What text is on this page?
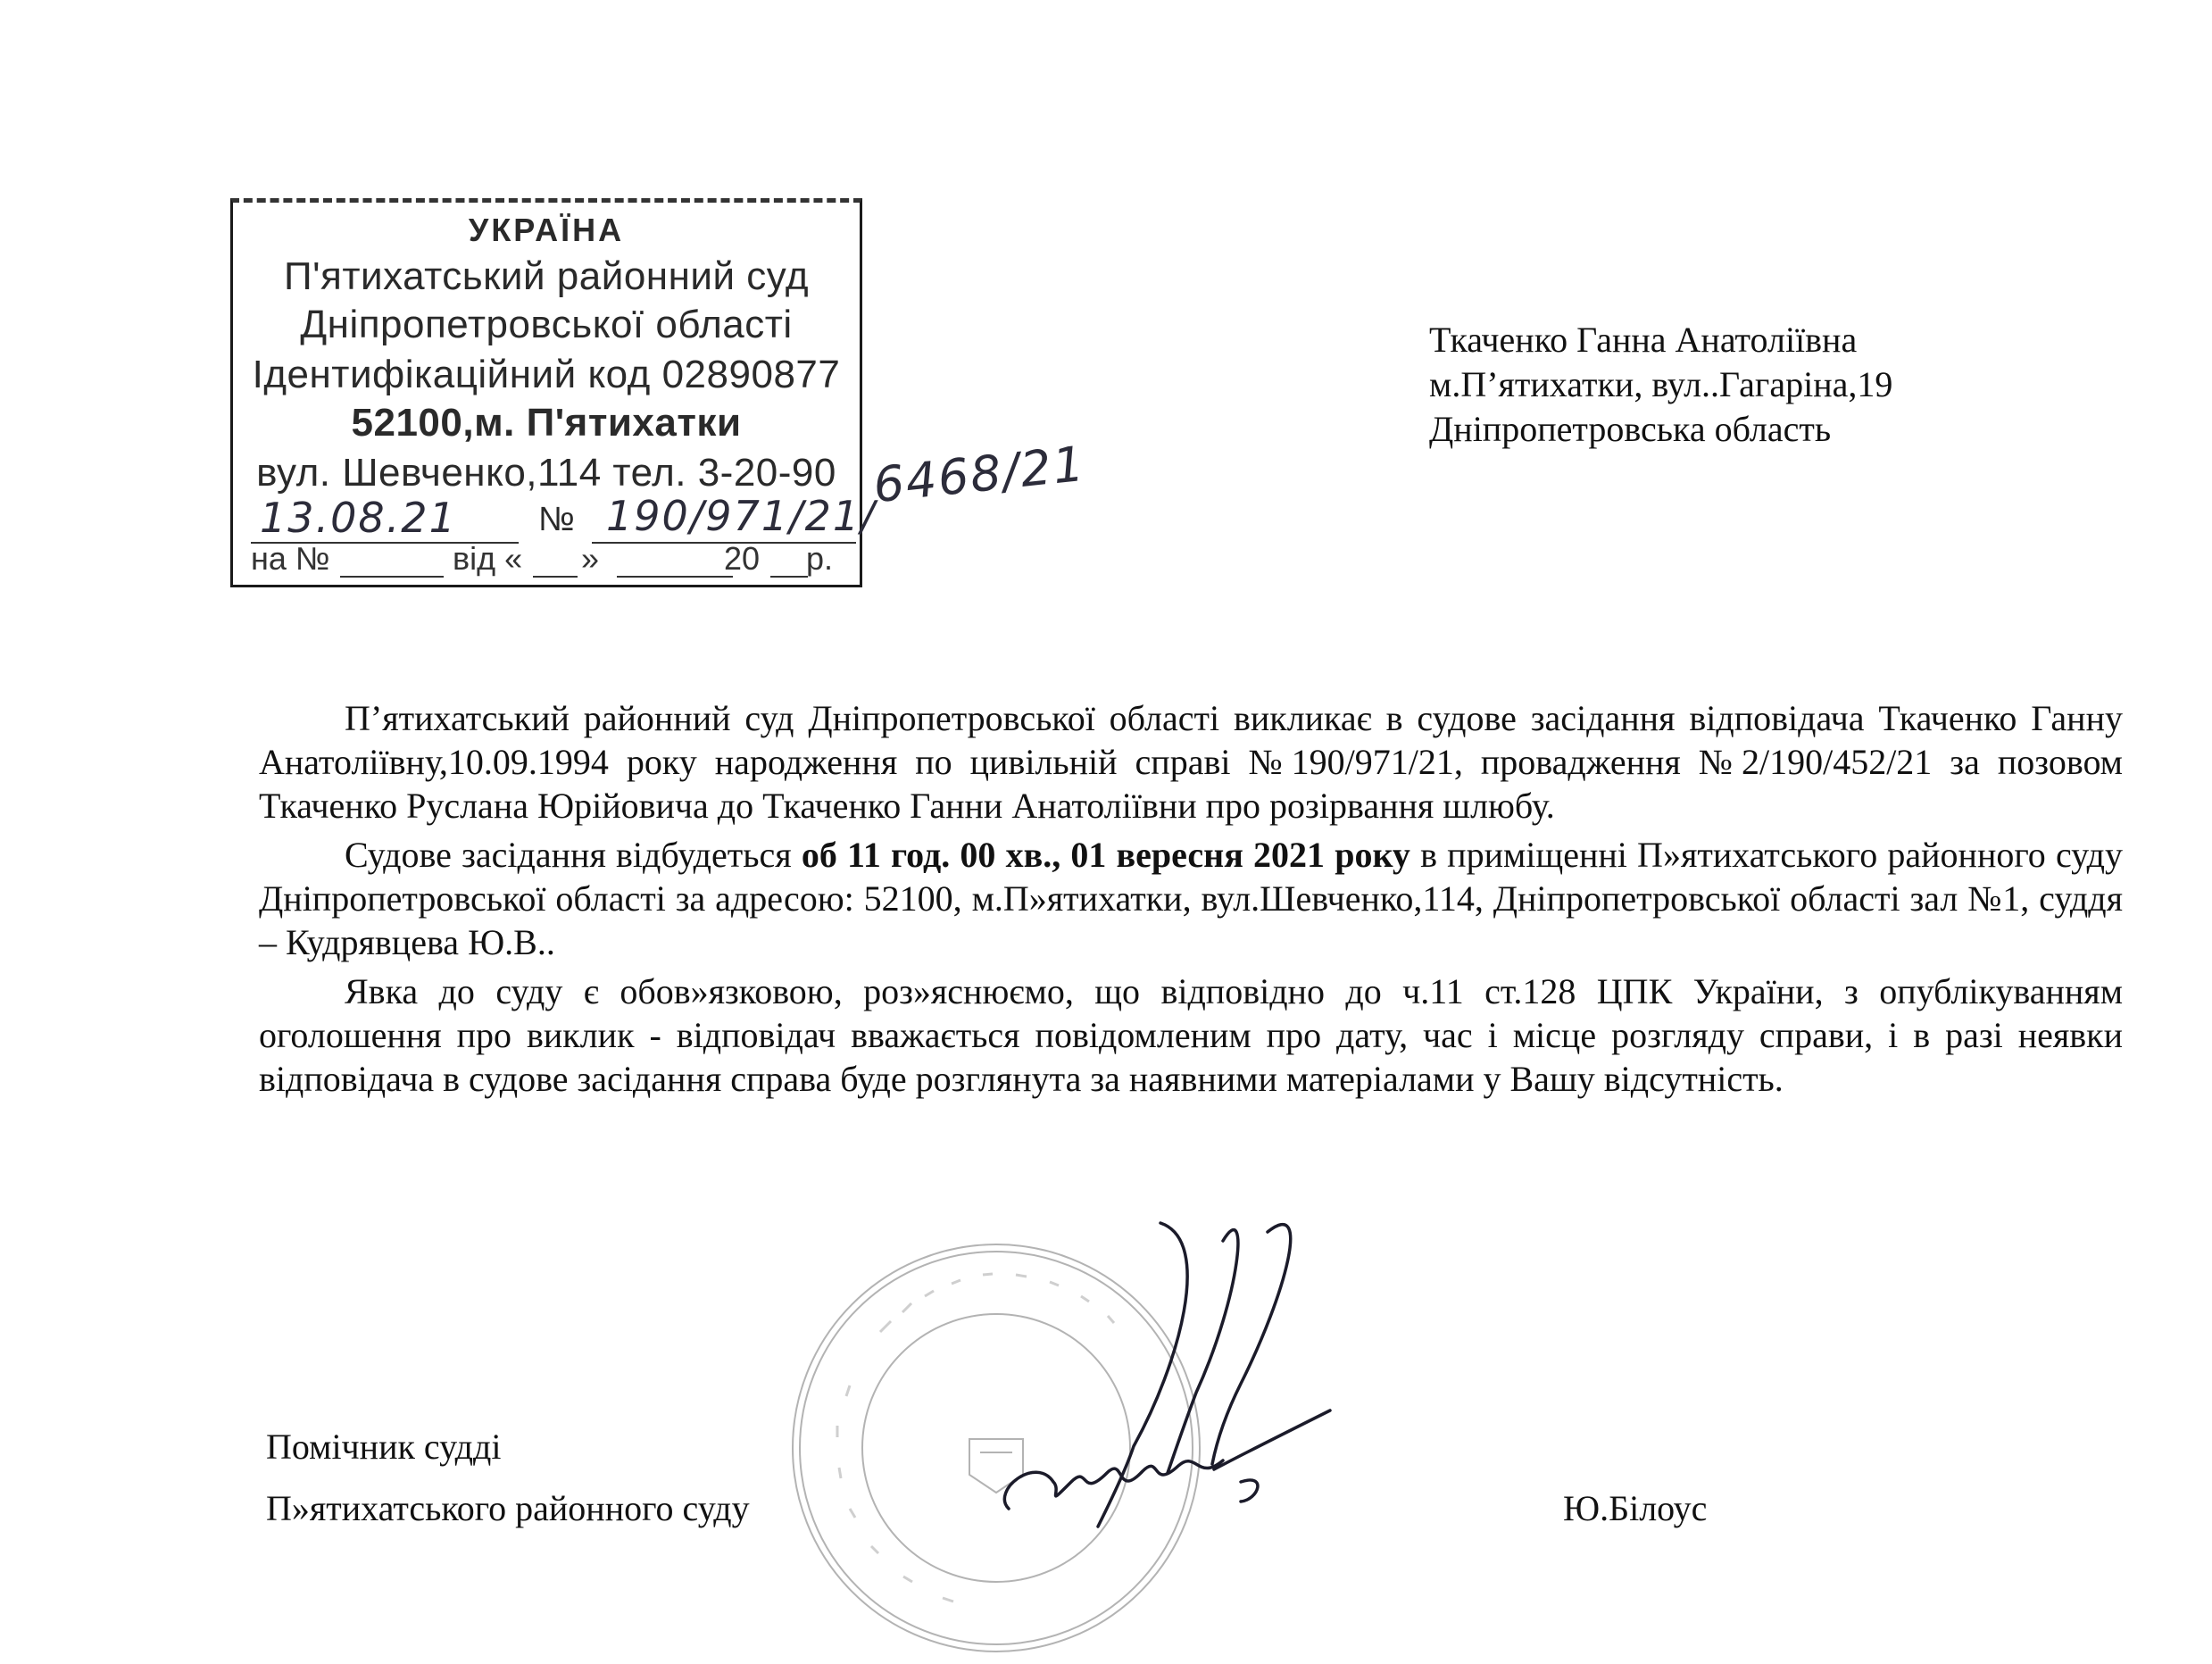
УКРАЇНА
П'ятихатський районний суд
Дніпропетровської області
Ідентифікаційний код 02890877
52100,м. П'ятихатки
вул. Шевченко,114 тел. 3-20-90
13.08.21 № 190/971/21/
на №	від « »	20 р.
6468/21
Ткаченко Ганна Анатоліївна
м.П’ятихатки, вул..Гагаріна,19
Дніпропетровська область

П’ятихатський районний суд Дніпропетровської області викликає в судове засідання відповідача Ткаченко Ганну Анатоліївну,10.09.1994 року народження по цивільній справі №190/971/21, провадження №2/190/452/21 за позовом Ткаченко Руслана Юрійовича до Ткаченко Ганни Анатоліївни про розірвання шлюбу.

Судове засідання відбудеться об 11 год. 00 хв., 01 вересня 2021 року в приміщенні П»ятихатського районного суду Дніпропетровської області за адресою: 52100, м.П»ятихатки, вул.Шевченко,114, Дніпропетровської області зал №1, суддя – Кудрявцева Ю.В..

Явка до суду є обов»язковою, роз»яснюємо, що відповідно до ч.11 ст.128 ЦПК України, з опублікуванням оголошення про виклик - відповідач вважається повідомленим про дату, час і місце розгляду справи, і в разі неявки відповідача в судове засідання справа буде розглянута за наявними матеріалами у Вашу відсутність.

Помічник судді
П»ятихатського районного суду	Ю.Білоус
